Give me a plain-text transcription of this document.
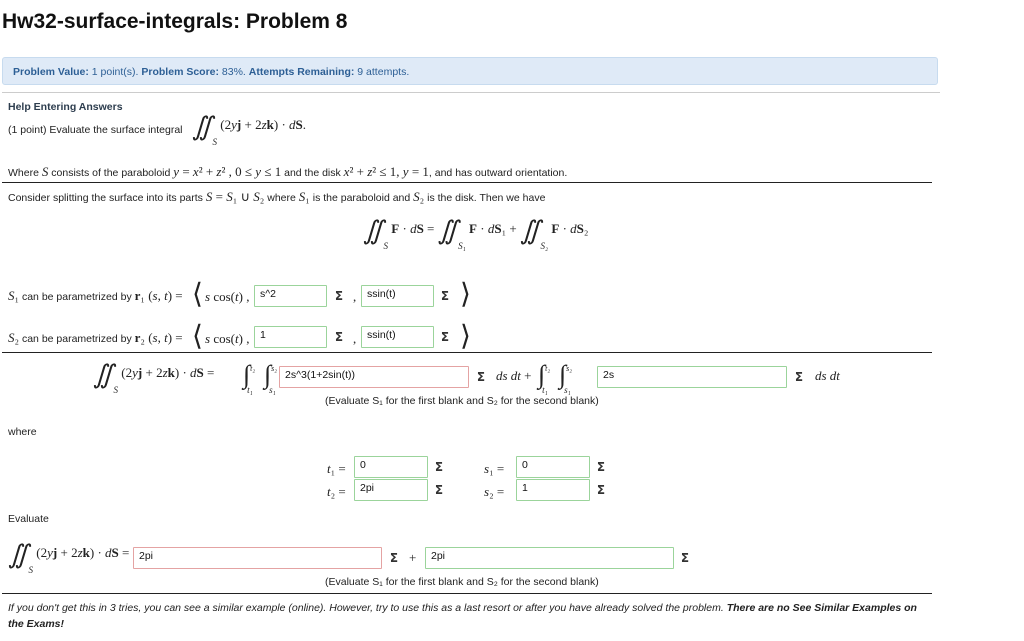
Hw32-surface-integrals: Problem 8
Problem Value: 1 point(s). Problem Score: 83%. Attempts Remaining: 9 attempts.
Help Entering Answers
(1 point) Evaluate the surface integral $∬_S$ (2yj + 2zk) · dS.
Where S consists of the paraboloid y = x² + z² , 0 ≤ y ≤ 1 and the disk x² + z² ≤ 1, y = 1, and has outward orientation.
Consider splitting the surface into its parts S = S₁ ∪ S₂ where S₁ is the paraboloid and S₂ is the disk. Then we have
$∬_S$ F · dS = $∬_{S_1}$ $F \cdot dS_1 + ∬_{S_2}$ F · dS₂
S₁ can be parametrized by r₁ (s, t) = ⟨ s cos(t) ,	s^2	Σ ,	ssin(t)	Σ ⟩
S₂ can be parametrized by r₂ (s, t) = ⟨ s cos(t) ,	1	Σ ,	ssin(t)	Σ ⟩
$∬_S$ (2yj + 2zk) · dS = ∫$^{t_2}_{t_1}$ ∫$^{s_2}_{s_1}$
2s^3(1+2sin(t))	Σ ds dt + ∫$^{t_2}_{t_1}$ ∫$^{s_2}_{s_1}$
2s	Σ ds dt
(Evaluate S₁ for the first blank and S₂ for the second blank)
where
t₁ =	0	Σ	s₁ =	0	Σ
t₂ =	2pi	Σ	s₂ =	1	Σ
Evaluate
$∬_S$ (2yj + 2zk) · dS = 2pi	Σ +	2pi	Σ
(Evaluate S₁ for the first blank and S₂ for the second blank)
If you don't get this in 3 tries, you can see a similar example (online). However, try to use this as a last resort or after you have already solved the problem. There are no See Similar Examples on the Exams!
